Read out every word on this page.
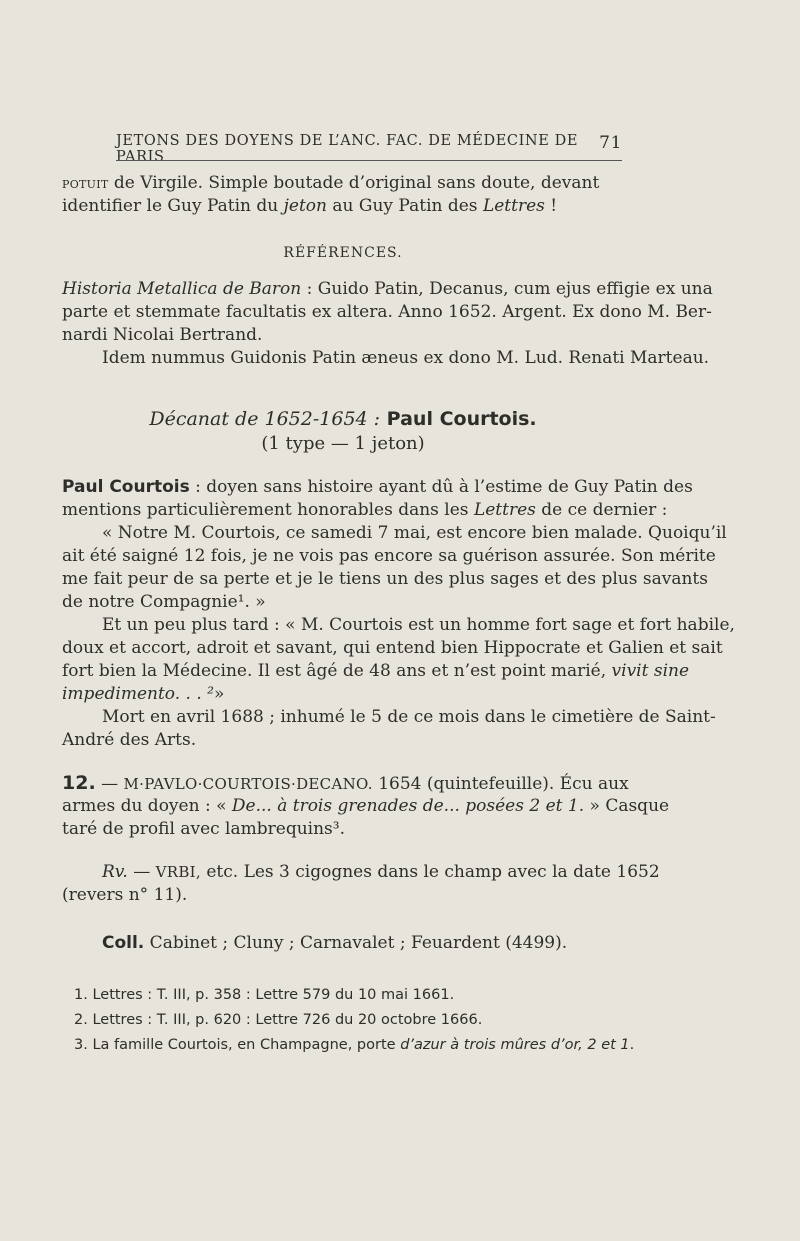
JETONS DES DOYENS DE L’ANC. FAC. DE MÉDECINE DE PARIS
71
potuit de Virgile. Simple boutade d’original sans doute, devant
identifier le Guy Patin du jeton au Guy Patin des Lettres !
RÉFÉRENCES.
Historia Metallica de Baron : Guido Patin, Decanus, cum ejus effigie ex una
parte et stemmate facultatis ex altera. Anno 1652. Argent. Ex dono M. Ber-
nardi Nicolai Bertrand.
Idem nummus Guidonis Patin æneus ex dono M. Lud. Renati Marteau.
Décanat de 1652-1654 : Paul Courtois.
(1 type — 1 jeton)
Paul Courtois : doyen sans histoire ayant dû à l’estime de Guy Patin des
mentions particulièrement honorables dans les Lettres de ce dernier :
« Notre M. Courtois, ce samedi 7 mai, est encore bien malade. Quoiqu’il
ait été saigné 12 fois, je ne vois pas encore sa guérison assurée. Son mérite
me fait peur de sa perte et je le tiens un des plus sages et des plus savants
de notre Compagnie¹. »
Et un peu plus tard : « M. Courtois est un homme fort sage et fort habile,
doux et accort, adroit et savant, qui entend bien Hippocrate et Galien et sait
fort bien la Médecine. Il est âgé de 48 ans et n’est point marié, vivit sine
impedimento. . . ²»
Mort en avril 1688 ; inhumé le 5 de ce mois dans le cimetière de Saint-
André des Arts.
12. — M·PAVLO·COURTOIS·DECANO. 1654 (quintefeuille). Écu aux
armes du doyen : « De... à trois grenades de... posées 2 et 1. » Casque
taré de profil avec lambrequins³.
Rv. — VRBI, etc. Les 3 cigognes dans le champ avec la date 1652
(revers n° 11).
Coll. Cabinet ; Cluny ; Carnavalet ; Feuardent (4499).
1. Lettres : T. III, p. 358 : Lettre 579 du 10 mai 1661.
2. Lettres : T. III, p. 620 : Lettre 726 du 20 octobre 1666.
3. La famille Courtois, en Champagne, porte d’azur à trois mûres d’or, 2 et 1.
